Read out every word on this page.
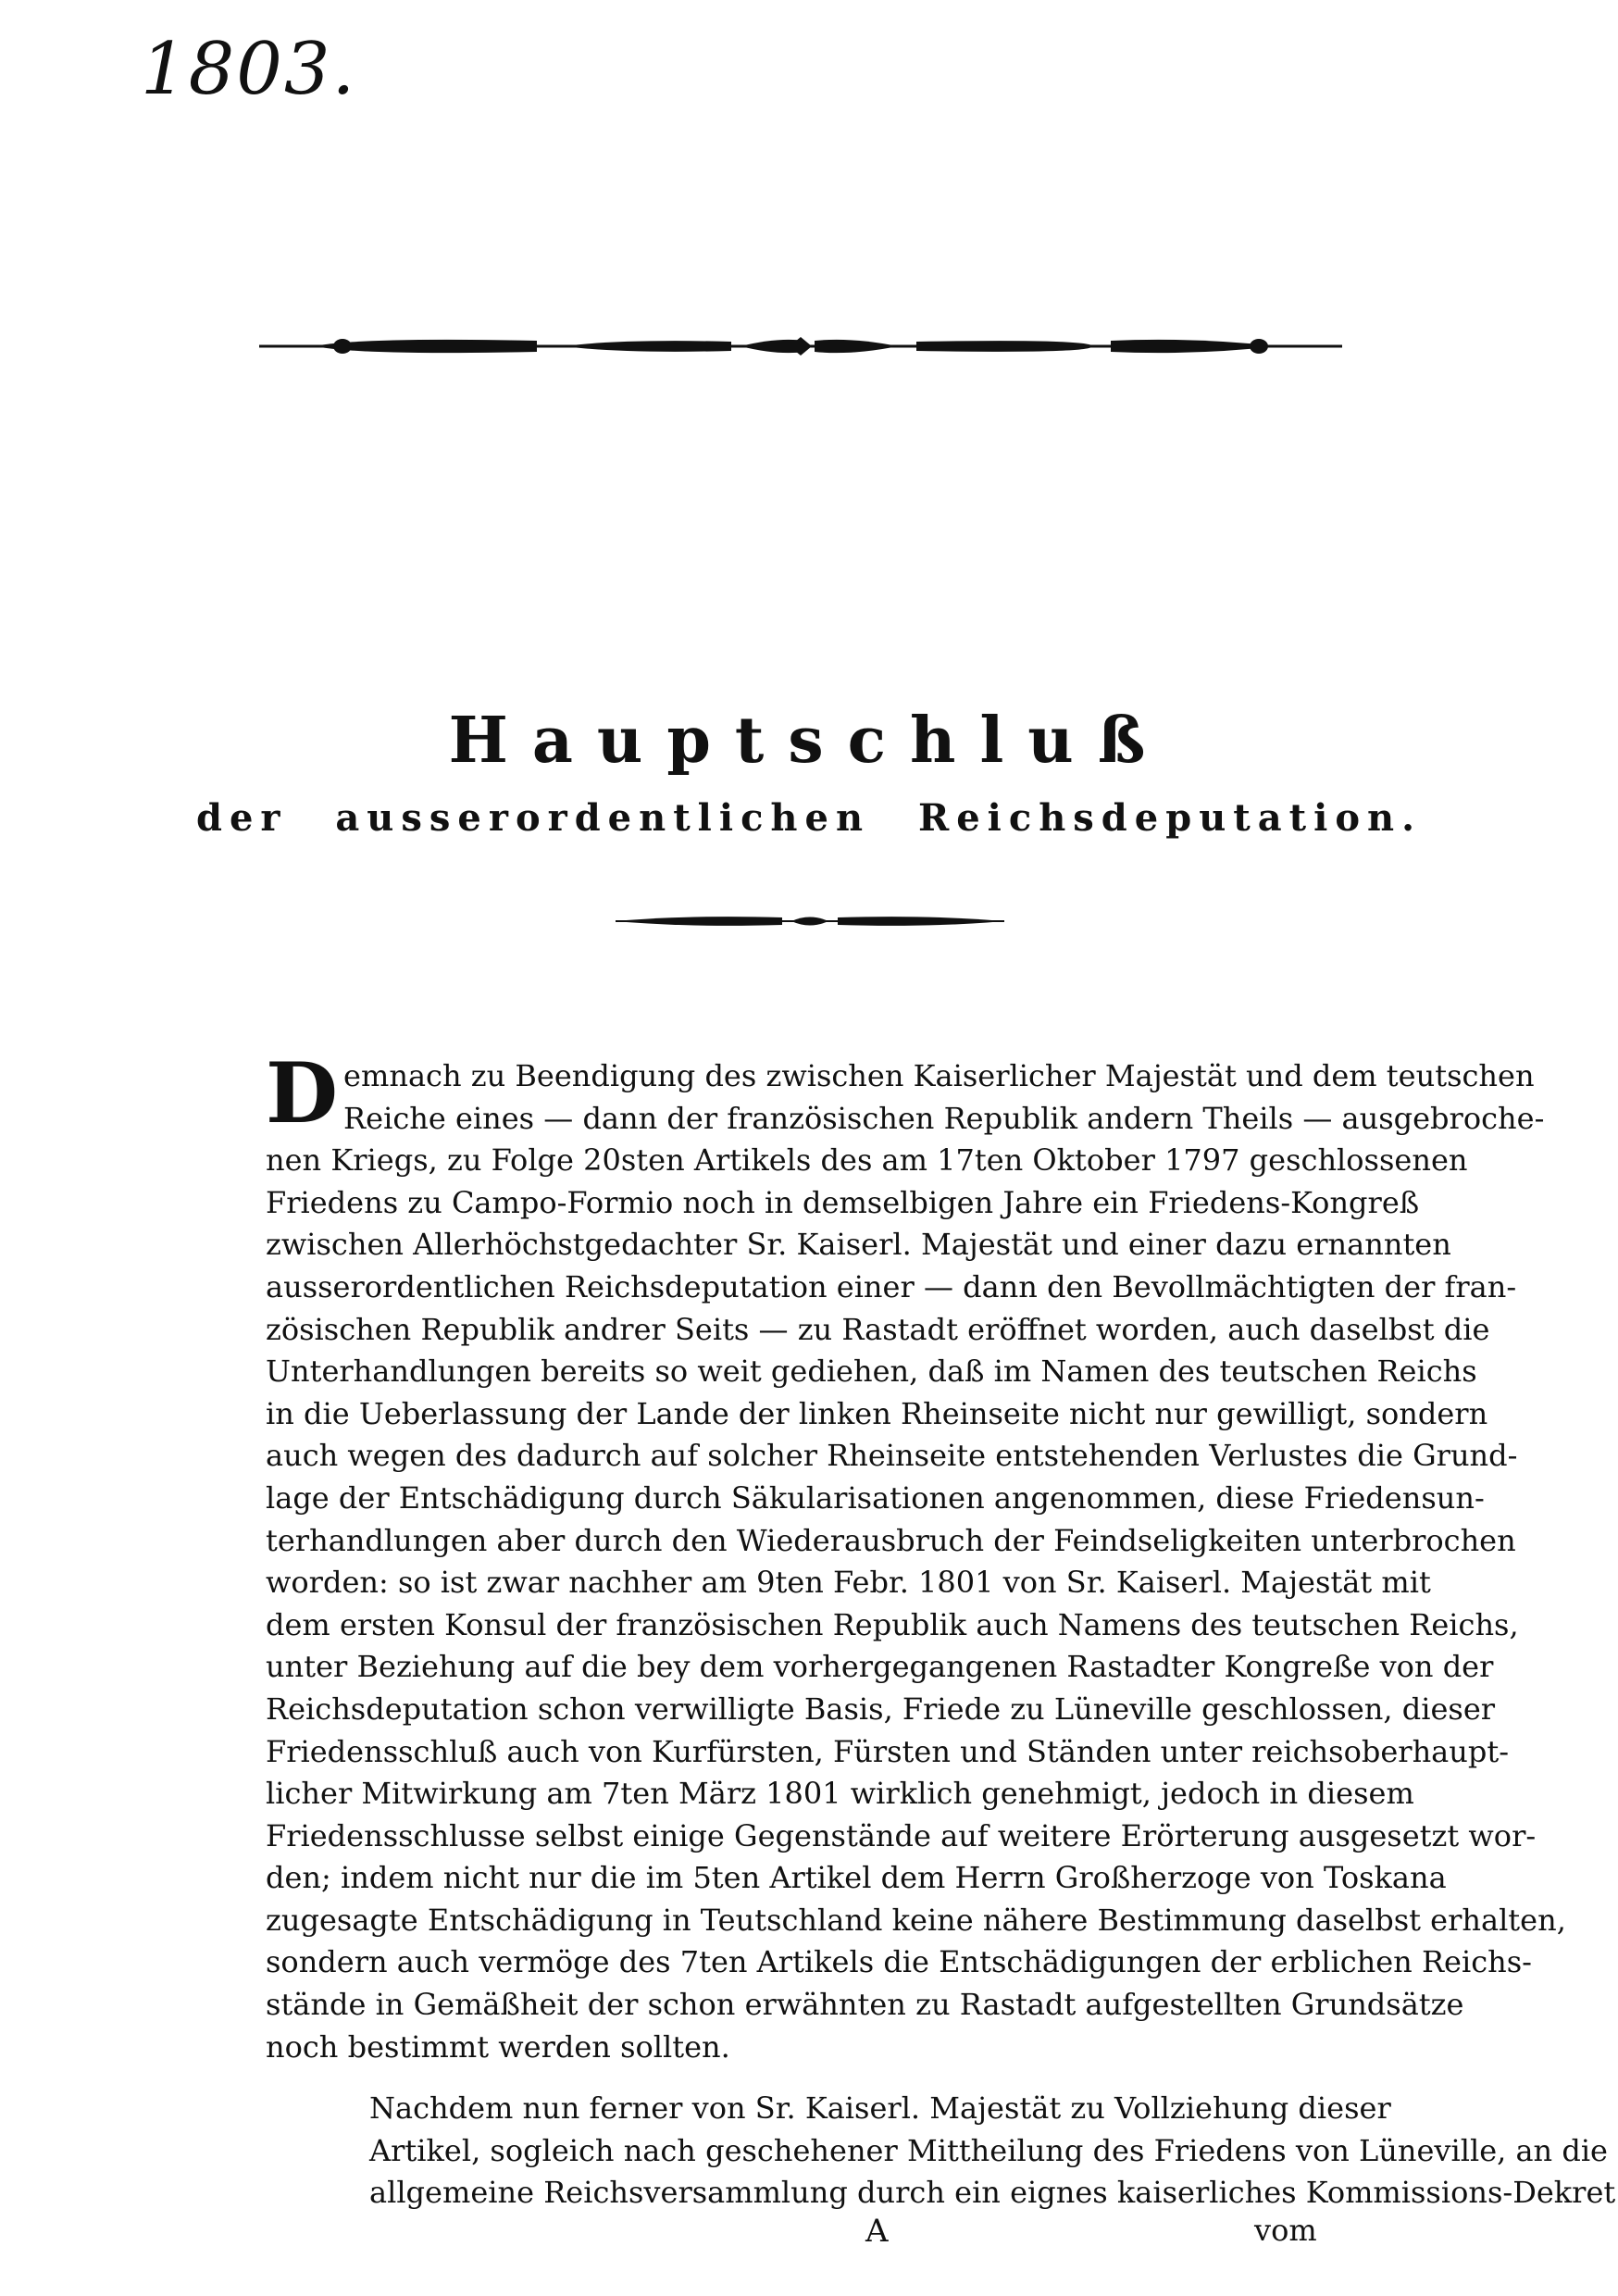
1803.
Hauptschluß
der ausserordentlichen Reichsdeputation.
D emnach zu Beendigung des zwischen Kaiserlicher Majestät und dem teutschen
Reiche eines — dann der französischen Republik andern Theils — ausgebroche-
nen Kriegs, zu Folge 20sten Artikels des am 17ten Oktober 1797 geschlossenen
Friedens zu Campo-Formio noch in demselbigen Jahre ein Friedens-Kongreß
zwischen Allerhöchstgedachter Sr. Kaiserl. Majestät und einer dazu ernannten
ausserordentlichen Reichsdeputation einer — dann den Bevollmächtigten der fran-
zösischen Republik andrer Seits — zu Rastadt eröffnet worden, auch daselbst die
Unterhandlungen bereits so weit gediehen, daß im Namen des teutschen Reichs
in die Ueberlassung der Lande der linken Rheinseite nicht nur gewilligt, sondern
auch wegen des dadurch auf solcher Rheinseite entstehenden Verlustes die Grund-
lage der Entschädigung durch Säkularisationen angenommen, diese Friedensun-
terhandlungen aber durch den Wiederausbruch der Feindseligkeiten unterbrochen
worden: so ist zwar nachher am 9ten Febr. 1801 von Sr. Kaiserl. Majestät mit
dem ersten Konsul der französischen Republik auch Namens des teutschen Reichs,
unter Beziehung auf die bey dem vorhergegangenen Rastadter Kongreße von der
Reichsdeputation schon verwilligte Basis, Friede zu Lüneville geschlossen, dieser
Friedensschluß auch von Kurfürsten, Fürsten und Ständen unter reichsoberhaupt-
licher Mitwirkung am 7ten März 1801 wirklich genehmigt, jedoch in diesem
Friedensschlusse selbst einige Gegenstände auf weitere Erörterung ausgesetzt wor-
den; indem nicht nur die im 5ten Artikel dem Herrn Großherzoge von Toskana
zugesagte Entschädigung in Teutschland keine nähere Bestimmung daselbst erhalten,
sondern auch vermöge des 7ten Artikels die Entschädigungen der erblichen Reichs-
stände in Gemäßheit der schon erwähnten zu Rastadt aufgestellten Grundsätze
noch bestimmt werden sollten.
Nachdem nun ferner von Sr. Kaiserl. Majestät zu Vollziehung dieser
Artikel, sogleich nach geschehener Mittheilung des Friedens von Lüneville, an die
allgemeine Reichsversammlung durch ein eignes kaiserliches Kommissions-Dekret
A	vom
